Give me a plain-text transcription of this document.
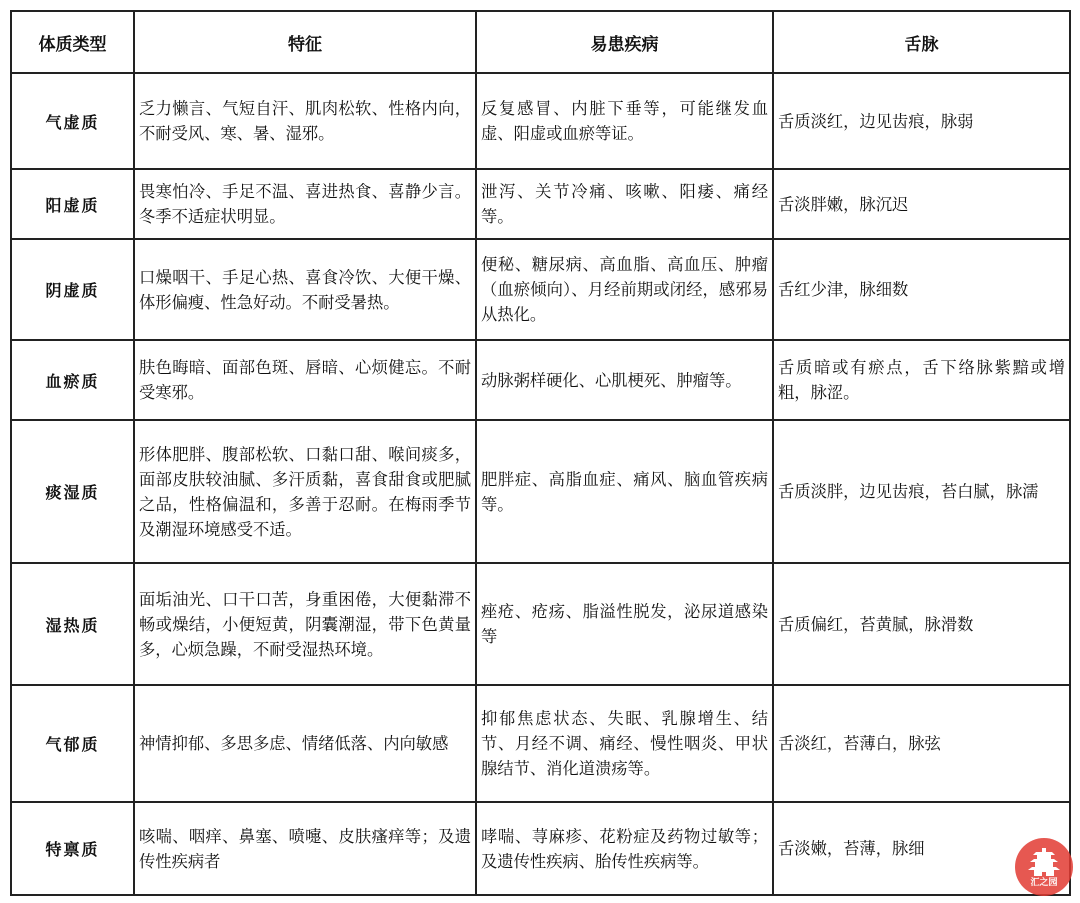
体质类型	特征	易患疾病	舌脉
气虚质	乏力懒言、气短自汗、肌肉松软、性格内向，不耐受风、寒、暑、湿邪。	反复感冒、内脏下垂等，可能继发血虚、阳虚或血瘀等证。	舌质淡红，边见齿痕，脉弱
阳虚质	畏寒怕冷、手足不温、喜进热食、喜静少言。冬季不适症状明显。	泄泻、关节冷痛、咳嗽、阳痿、痛经等。	舌淡胖嫩，脉沉迟
阴虚质	口燥咽干、手足心热、喜食冷饮、大便干燥、体形偏瘦、性急好动。不耐受暑热。	便秘、糖尿病、高血脂、高血压、肿瘤（血瘀倾向）、月经前期或闭经，感邪易从热化。	舌红少津，脉细数
血瘀质	肤色晦暗、面部色斑、唇暗、心烦健忘。不耐受寒邪。	动脉粥样硬化、心肌梗死、肿瘤等。	舌质暗或有瘀点，舌下络脉紫黯或增粗，脉涩。
痰湿质	形体肥胖、腹部松软、口黏口甜、喉间痰多，面部皮肤较油腻、多汗质黏，喜食甜食或肥腻之品，性格偏温和，多善于忍耐。在梅雨季节及潮湿环境感受不适。	肥胖症、高脂血症、痛风、脑血管疾病等。	舌质淡胖，边见齿痕，苔白腻，脉濡
湿热质	面垢油光、口干口苦，身重困倦，大便黏滞不畅或燥结，小便短黄，阴囊潮湿，带下色黄量多，心烦急躁，不耐受湿热环境。	痤疮、疮疡、脂溢性脱发，泌尿道感染等	舌质偏红，苔黄腻，脉滑数
气郁质	神情抑郁、多思多虑、情绪低落、内向敏感	抑郁焦虑状态、失眠、乳腺增生、结节、月经不调、痛经、慢性咽炎、甲状腺结节、消化道溃疡等。	舌淡红，苔薄白，脉弦
特禀质	咳喘、咽痒、鼻塞、喷嚏、皮肤瘙痒等；及遗传性疾病者	哮喘、荨麻疹、花粉症及药物过敏等；及遗传性疾病、胎传性疾病等。	舌淡嫩，苔薄，脉细
汇之园
